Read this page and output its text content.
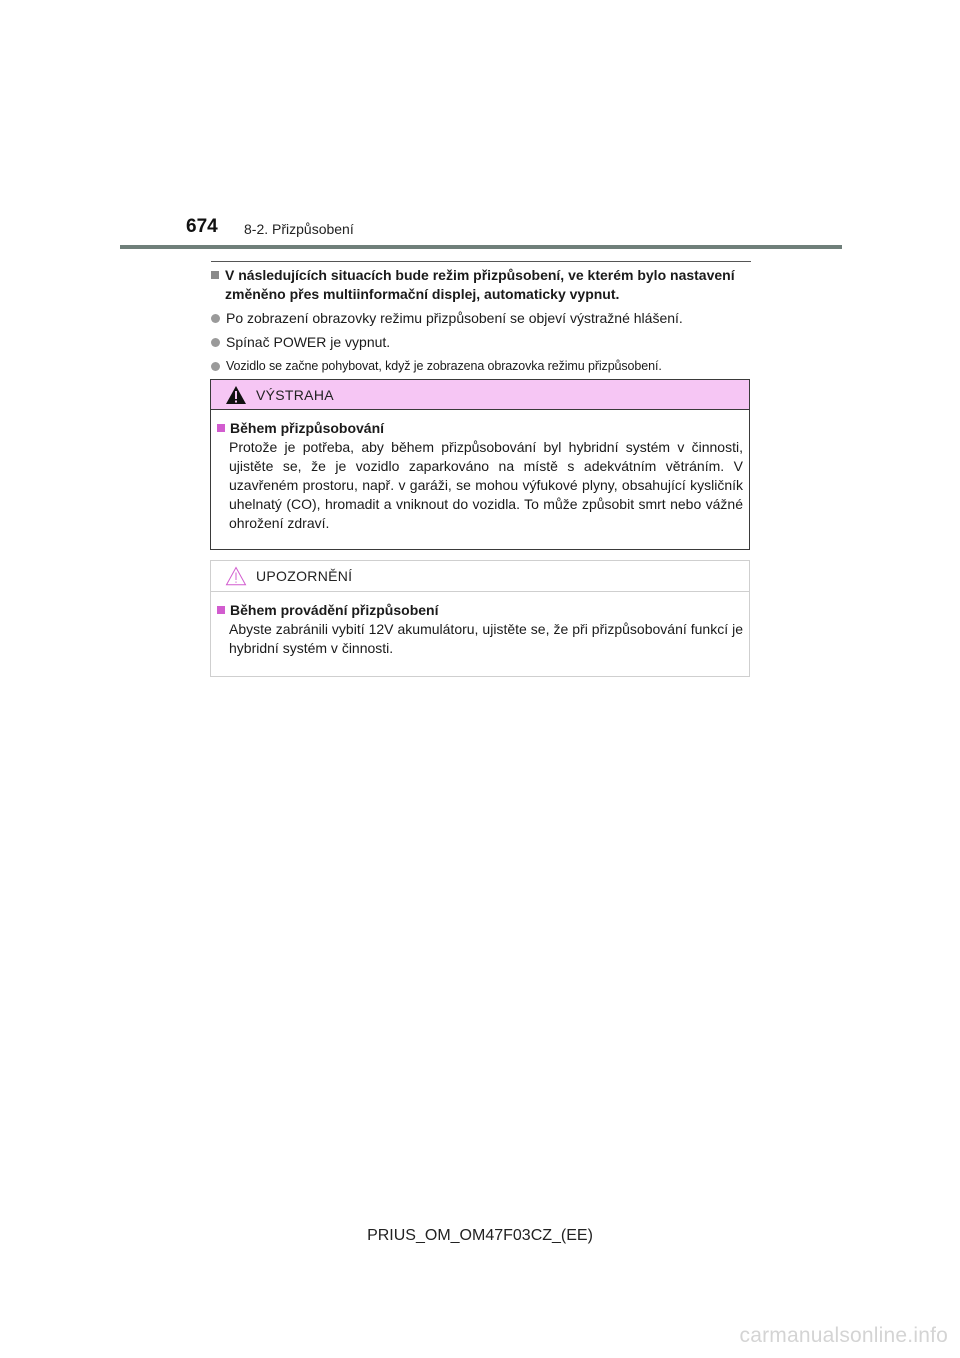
674 8-2. Přizpůsobení
V následujících situacích bude režim přizpůsobení, ve kterém bylo nastavení změněno přes multiinformační displej, automaticky vypnut.
Po zobrazení obrazovky režimu přizpůsobení se objeví výstražné hlášení.
Spínač POWER je vypnut.
Vozidlo se začne pohybovat, když je zobrazena obrazovka režimu přizpůsobení.
VÝSTRAHA
Během přizpůsobování
Protože je potřeba, aby během přizpůsobování byl hybridní systém v činnosti, ujistěte se, že je vozidlo zaparkováno na místě s adekvátním větráním. V uzavřeném prostoru, např. v garáži, se mohou výfukové plyny, obsahující kysličník uhelnatý (CO), hromadit a vniknout do vozidla. To může způsobit smrt nebo vážné ohrožení zdraví.
UPOZORNĚNÍ
Během provádění přizpůsobení
Abyste zabránili vybití 12V akumulátoru, ujistěte se, že při přizpůsobování funkcí je hybridní systém v činnosti.
PRIUS_OM_OM47F03CZ_(EE)
carmanualsonline.info
